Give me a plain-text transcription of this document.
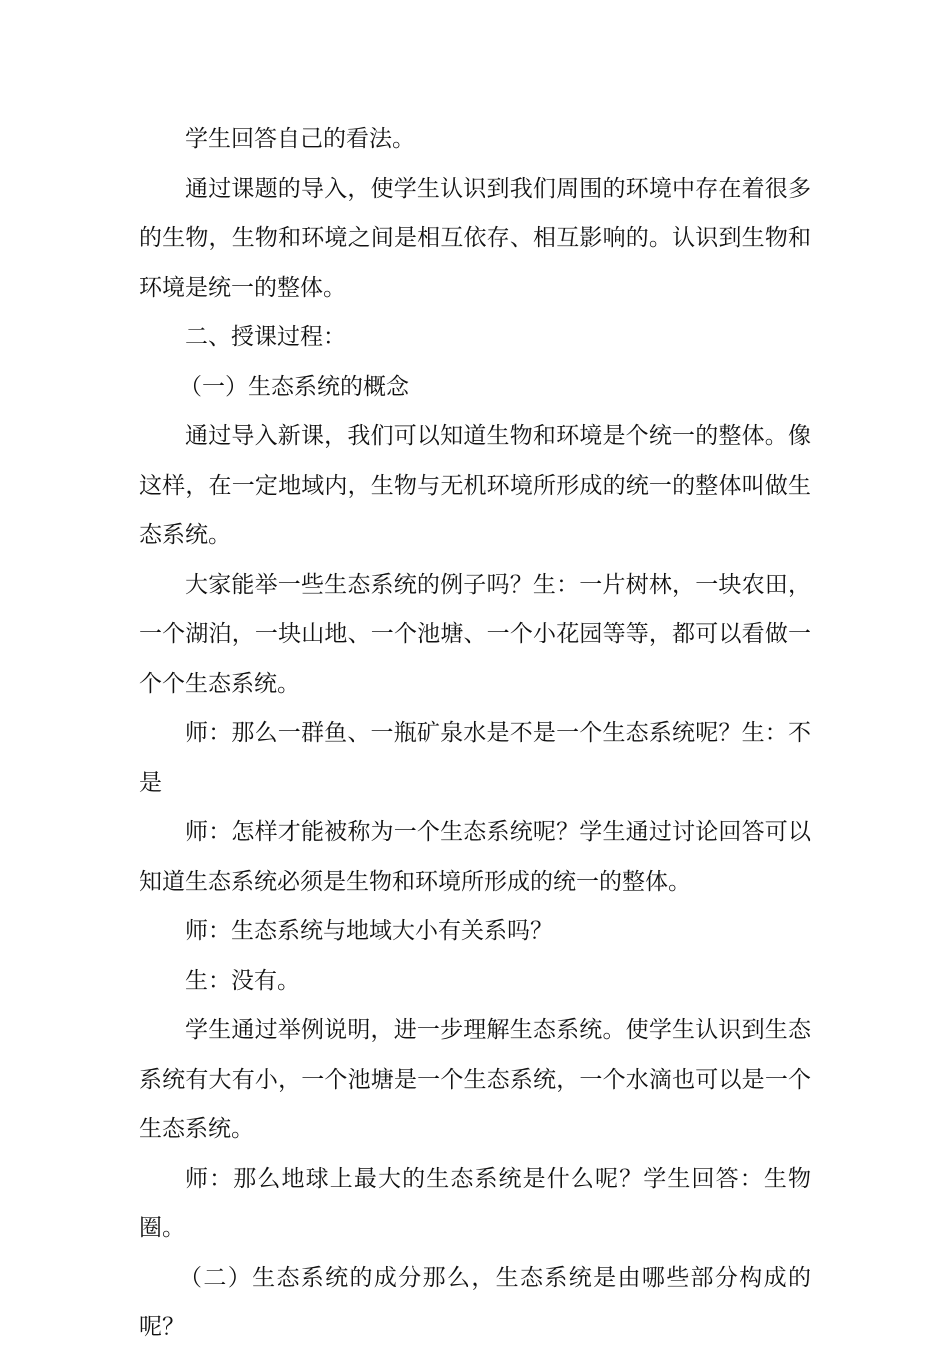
学生回答自己的看法。

通过课题的导入，使学生认识到我们周围的环境中存在着很多的生物，生物和环境之间是相互依存、相互影响的。认识到生物和环境是统一的整体。

二、授课过程：

（一）生态系统的概念

通过导入新课，我们可以知道生物和环境是个统一的整体。像这样，在一定地域内，生物与无机环境所形成的统一的整体叫做生态系统。

大家能举一些生态系统的例子吗？生：一片树林，一块农田，一个湖泊，一块山地、一个池塘、一个小花园等等，都可以看做一个个生态系统。

师：那么一群鱼、一瓶矿泉水是不是一个生态系统呢？生：不是

师：怎样才能被称为一个生态系统呢？学生通过讨论回答可以知道生态系统必须是生物和环境所形成的统一的整体。

师：生态系统与地域大小有关系吗？

生：没有。

学生通过举例说明，进一步理解生态系统。使学生认识到生态系统有大有小，一个池塘是一个生态系统，一个水滴也可以是一个生态系统。

师：那么地球上最大的生态系统是什么呢？学生回答：生物圈。

（二）生态系统的成分那么，生态系统是由哪些部分构成的呢？
